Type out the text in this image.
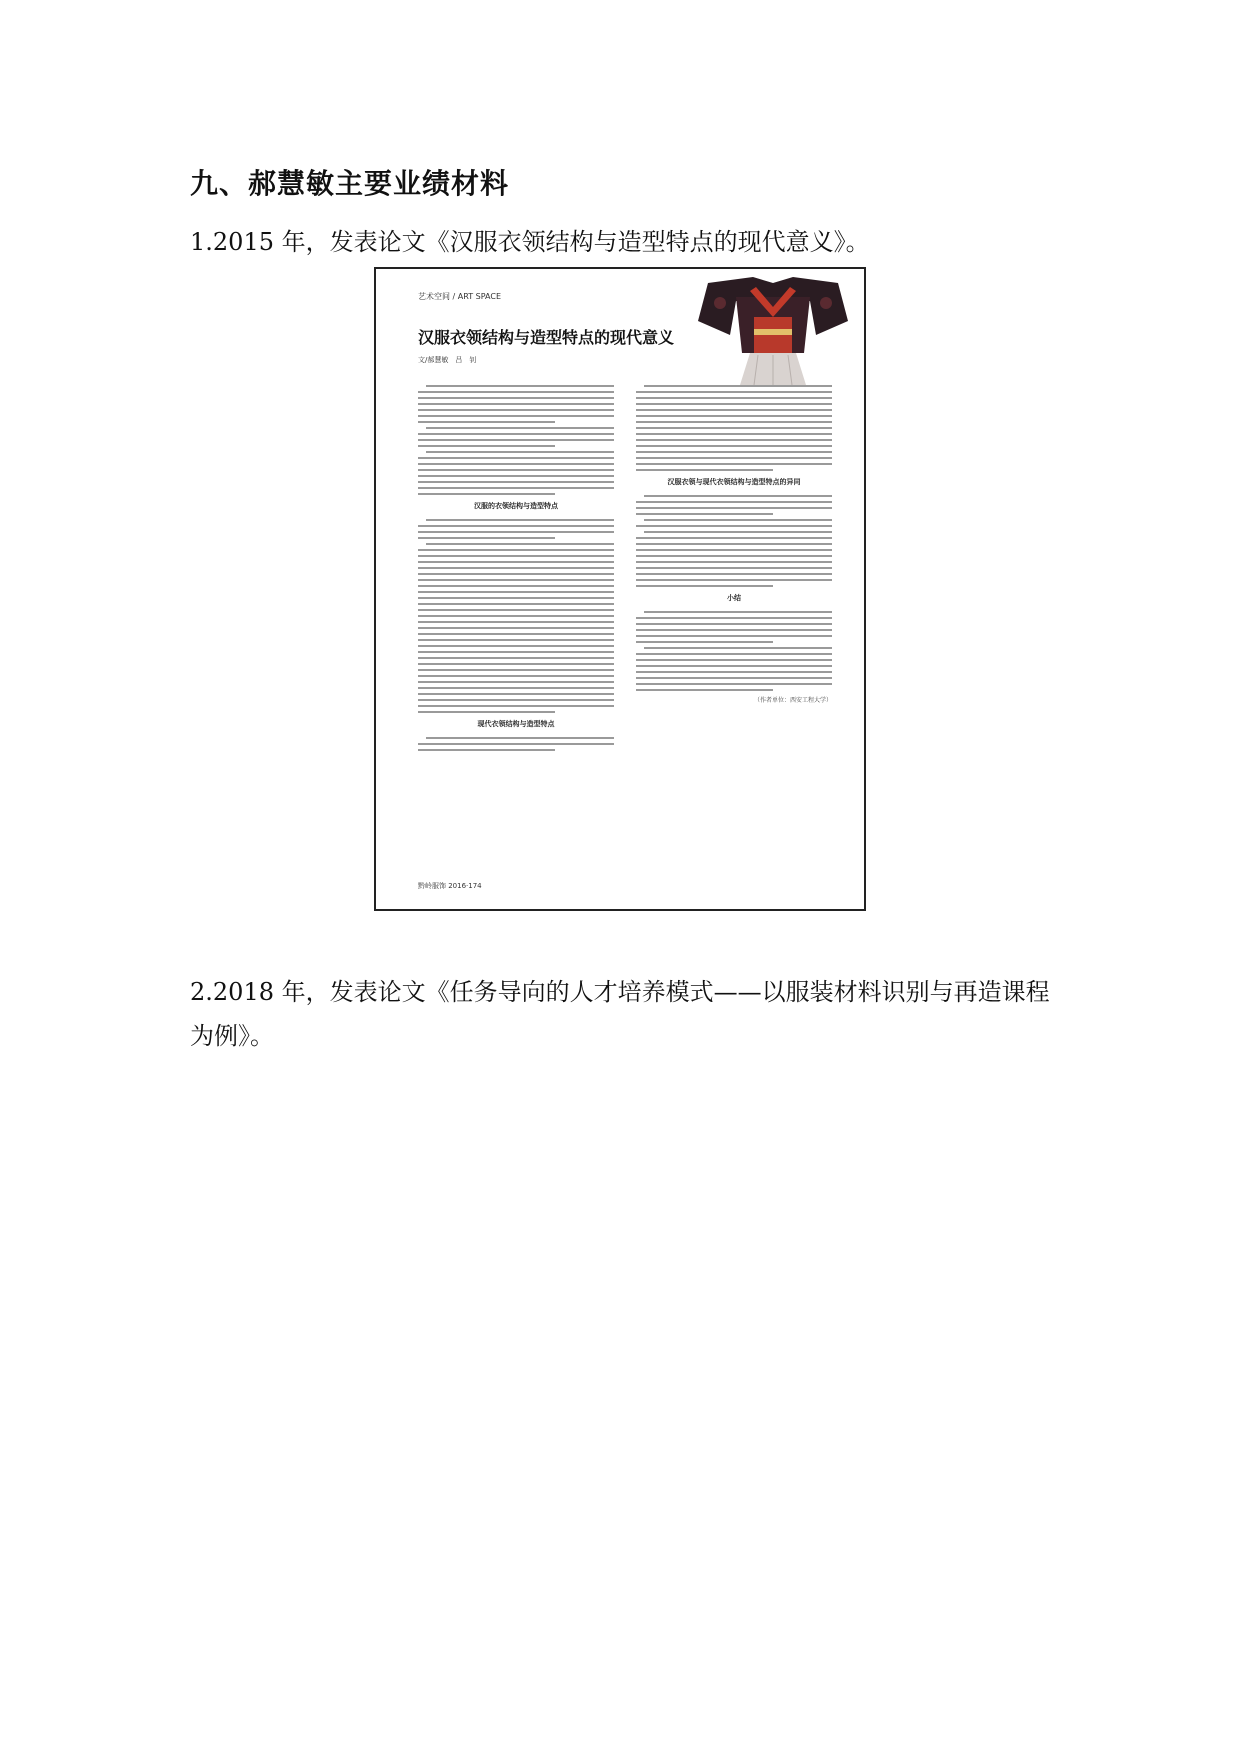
九、郝慧敏主要业绩材料
1.2015 年，发表论文《汉服衣领结构与造型特点的现代意义》。
艺术空间 / ART SPACE
汉服衣领结构与造型特点的现代意义
文/郝慧敏　吕　钊
汉服的衣领结构与造型特点
现代衣领结构与造型特点
汉服衣领与现代衣领结构与造型特点的异同
小结
（作者单位：西安工程大学）
黔岭服饰 2016·174
2.2018 年，发表论文《任务导向的人才培养模式——以服装材料识别与再造课程为例》。
